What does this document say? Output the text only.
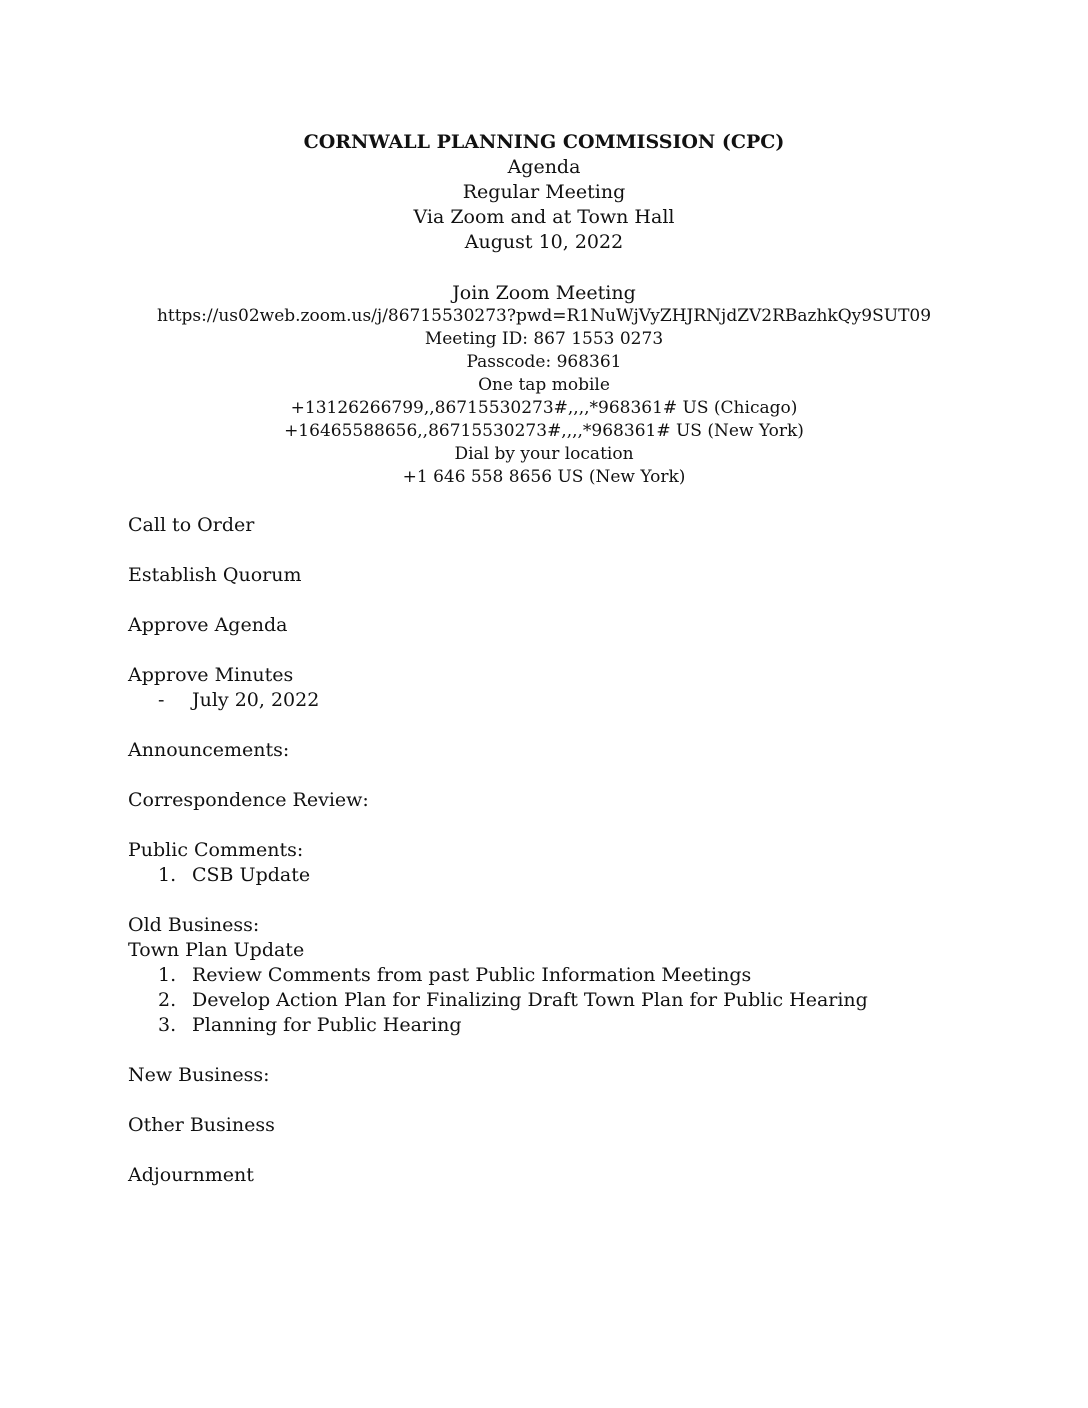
CORNWALL PLANNING COMMISSION (CPC)
Agenda
Regular Meeting
Via Zoom and at Town Hall
August 10, 2022
Join Zoom Meeting
https://us02web.zoom.us/j/86715530273?pwd=R1NuWjVyZHJRNjdZV2RBazhkQy9SUT09
Meeting ID: 867 1553 0273
Passcode: 968361
One tap mobile
+13126266799,,86715530273#,,,,*968361# US (Chicago)
+16465588656,,86715530273#,,,,*968361# US (New York)
Dial by your location
+1 646 558 8656 US (New York)
Call to Order
Establish Quorum
Approve Agenda
Approve Minutes
-	July 20, 2022
Announcements:
Correspondence Review:
Public Comments:
1. CSB Update
Old Business:
Town Plan Update
1. Review Comments from past Public Information Meetings
2. Develop Action Plan for Finalizing Draft Town Plan for Public Hearing
3. Planning for Public Hearing
New Business:
Other Business
Adjournment
